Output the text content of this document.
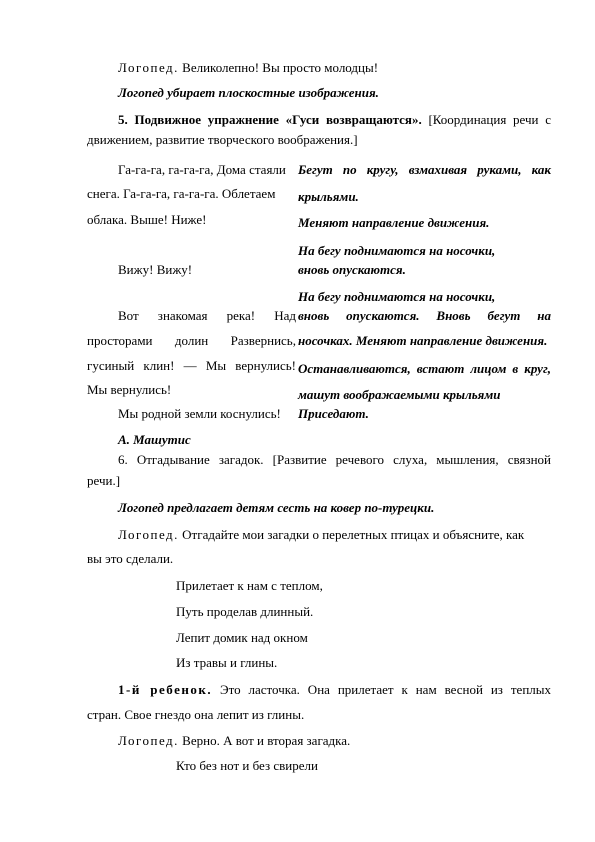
Логопед. Великолепно! Вы просто молодцы!
Логопед убирает плоскостные изображения.
5. Подвижное упражнение «Гуси возвращаются». [Координация речи с
движением, развитие творческого воображения.]
Га-га-га, га-га-га, Дома стаяли
снега. Га-га-га, га-га-га. Облетаем
облака. Выше! Ниже!
Вижу! Вижу!
Вот знакомая река! Над
просторами долин Развернись,
гусиный клин! — Мы вернулись!
Мы вернулись!
Мы родной земли коснулись!
Бегут по кругу, взмахивая руками, как
крыльями.
Меняют направление движения.
На бегу поднимаются на носочки,
вновь опускаются.
На бегу поднимаются на носочки,
вновь опускаются. Вновь бегут на
носочках. Меняют направление движения.
Останавливаются, встают лицом в круг,
машут воображаемыми крыльями
Приседают.
А. Машутис
6. Отгадывание загадок. [Развитие речевого слуха, мышления, связной
речи.]
Логопед предлагает детям сесть на ковер по-турецки.
Логопед. Отгадайте мои загадки о перелетных птицах и объясните, как
вы это сделали.
Прилетает к нам с теплом,
Путь проделав длинный.
Лепит домик над окном
Из травы и глины.
1-й ребенок. Это ласточка. Она прилетает к нам весной из теплых
стран. Свое гнездо она лепит из глины.
Логопед. Верно. А вот и вторая загадка.
Кто без нот и без свирели
